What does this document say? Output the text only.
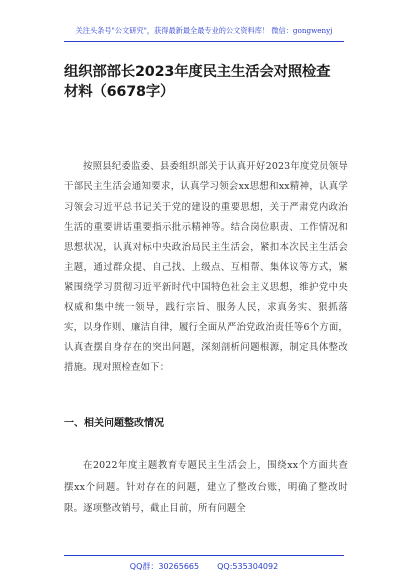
关注头条号"公文研究"，获得最新最全最专业的公文资料库！ 微信：gongwenyj
组织部部长2023年度民主生活会对照检查材料（6678字）

按照县纪委监委、县委组织部关于认真开好2023年度党员领导干部民主生活会通知要求，认真学习领会xx思想和xx精神，认真学习领会习近平总书记关于党的建设的重要思想，关于严肃党内政治生活的重要讲话重要指示批示精神等。结合岗位职责、工作情况和思想状况，认真对标中央政治局民主生活会，紧扣本次民主生活会主题，通过群众提、自己找、上级点、互相帮、集体议等方式，紧紧围绕学习贯彻习近平新时代中国特色社会主义思想，维护党中央权威和集中统一领导，践行宗旨、服务人民，求真务实、狠抓落实，以身作则、廉洁自律，履行全面从严治党政治责任等6个方面，认真查摆自身存在的突出问题，深刻剖析问题根源，制定具体整改措施。现对照检查如下：

一、相关问题整改情况

在2022年度主题教育专题民主生活会上，围绕xx个方面共查摆xx个问题。针对存在的问题，建立了整改台账，明确了整改时限。逐项整改销号，截止目前，所有问题全

QQ群：30265665 QQ:535304092
